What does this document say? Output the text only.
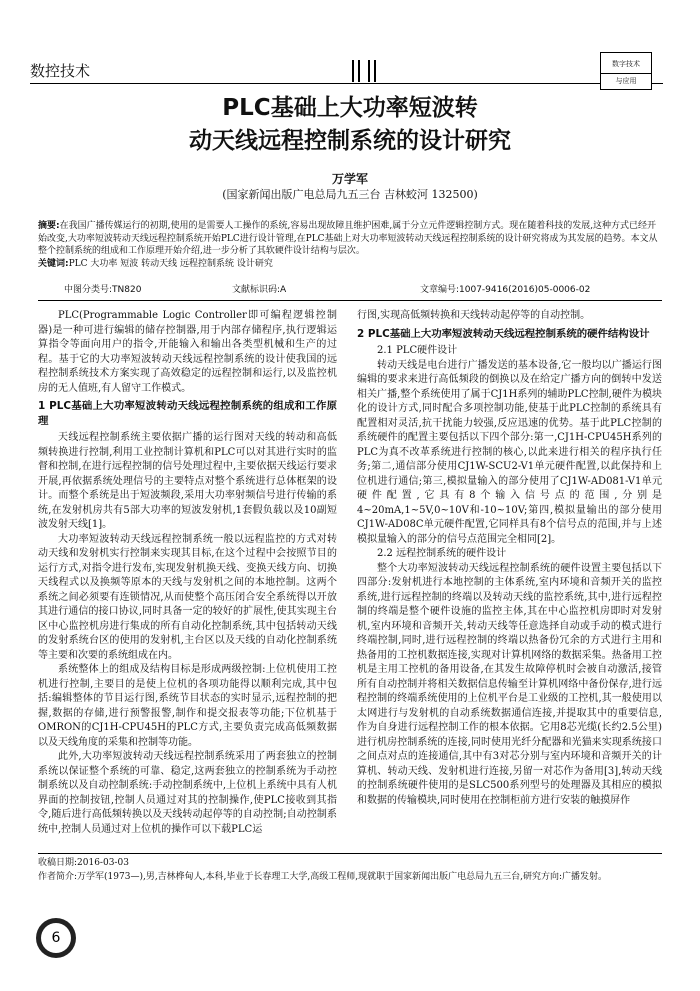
数控技术	数字技术
与应用
PLC基础上大功率短波转
动天线远程控制系统的设计研究
万学军
(国家新闻出版广电总局九五三台 吉林蛟河 132500)
摘要:在我国广播传媒运行的初期,使用的是需要人工操作的系统,容易出现故障且维护困难,属于分立元件逻辑控制方式。现在随着科技的发展,这种方式已经开始改变,大功率短波转动天线远程控制系统开始PLC进行设计管理,在PLC基础上对大功率短波转动天线远程控制系统的设计研究将成为其发展的趋势。本文从整个控制系统的组成和工作原理开始介绍,进一步分析了其软硬件设计结构与层次。
关键词:PLC 大功率 短波 转动天线 远程控制系统 设计研究
中图分类号:TN820	文献标识码:A	文章编号:1007-9416(2016)05-0006-02

PLC(Programmable Logic Controller即可编程逻辑控制器)是一种可进行编辑的储存控制器,用于内部存储程序,执行逻辑运算指令等面向用户的指令,开能输入和输出各类型机械和生产的过程。基于它的大功率短波转动天线远程控制系统的设计使我国的远程控制系统技术方案实现了高效稳定的远程控制和运行,以及监控机房的无人值班,有人留守工作模式。

1 PLC基础上大功率短波转动天线远程控制系统的组成和工作原理

天线远程控制系统主要依据广播的运行图对天线的转动和高低频转换进行控制,利用工业控制计算机和PLC可以对其进行实时的监督和控制,在进行远程控制的信号处理过程中,主要依据天线运行要求开展,再依据系统处理信号的主要特点对整个系统进行总体框架的设计。而整个系统是出于短波频段,采用大功率射频信号进行传输的系统,在发射机房共有5部大功率的短波发射机,1套假负载以及10副短波发射天线[1]。

大功率短波转动天线远程控制系统一般以远程监控的方式对转动天线和发射机实行控制来实现其目标,在这个过程中会按照节目的运行方式,对指令进行发布,实现发射机换天线、变换天线方向、切换天线程式以及换频等原本的天线与发射机之间的本地控制。这两个系统之间必须要有连锁情况,从而使整个高压闭合安全系统得以开放其进行通信的接口协议,同时具备一定的较好的扩展性,使其实现主台区中心监控机房进行集成的所有自动化控制系统,其中包括转动天线的发射系统台区的使用的发射机,主台区以及天线的自动化控制系统等主要和次要的系统组成在内。

系统整体上的组成及结构目标是形成两级控制:上位机使用工控机进行控制,主要目的是使上位机的各项功能得以顺利完成,其中包括:编辑整体的节目运行图,系统节目状态的实时显示,远程控制的把握,数据的存储,进行预警报警,制作和提交报表等功能;下位机基于OMRON的CJ1H-CPU45H的PLC方式,主要负责完成高低频数据以及天线角度的采集和控制等功能。

此外,大功率短波转动天线远程控制系统采用了两套独立的控制系统以保证整个系统的可靠、稳定,这两套独立的控制系统为手动控制系统以及自动控制系统:手动控制系统中,上位机上系统中具有人机界面的控制按钮,控制人员通过对其的控制操作,使PLC接收到其指令,随后进行高低频转换以及天线转动起停等的自动控制;自动控制系统中,控制人员通过对上位机的操作可以下载PLC运

行图,实现高低频转换和天线转动起停等的自动控制。

2 PLC基础上大功率短波转动天线远程控制系统的硬件结构设计

2.1 PLC硬件设计

转动天线是电台进行广播发送的基本设备,它一般均以广播运行图编辑的要求来进行高低频段的倒换以及在给定广播方向的倒转中发送相关广播,整个系统使用了属于CJ1H系列的辅助PLC控制,硬件为模块化的设计方式,同时配合多项控制功能,使基于此PLC控制的系统具有配置相对灵活,抗干扰能力较强,反应迅速的优势。基于此PLC控制的系统硬件的配置主要包括以下四个部分:第一,CJ1H-CPU45H系列的PLC为真不改革系统进行控制的核心,以此来进行相关的程序执行任务;第二,通信部分使用CJ1W-SCU2-V1单元硬件配置,以此保持和上位机进行通信;第三,模拟量输入的部分使用了CJ1W-AD081-V1单元硬件配置,它具有8个输入信号点的范围,分别是4~20mA,1~5V,0~10V和-10~10V;第四,模拟量输出的部分使用CJ1W-AD08C单元硬件配置,它同样具有8个信号点的范围,并与上述模拟量输入的部分的信号点范围完全相同[2]。

2.2 远程控制系统的硬件设计

整个大功率短波转动天线远程控制系统的硬件设置主要包括以下四部分:发射机进行本地控制的主体系统,室内环境和音频开关的监控系统,进行远程控制的终端以及转动天线的监控系统,其中,进行远程控制的终端是整个硬件设施的监控主体,其在中心监控机房即时对发射机,室内环境和音频开关,转动天线等任意选择自动或手动的模式进行终端控制,同时,进行远程控制的终端以热备份冗余的方式进行主用和热备用的工控机数据连接,实现对计算机网络的数据采集。热备用工控机是主用工控机的备用设备,在其发生故障停机时会被自动激活,接管所有自动控制并将相关数据信息传输至计算机网络中备份保存,进行远程控制的终端系统使用的上位机平台是工业级的工控机,其一般使用以太网进行与发射机的自动系统数据通信连接,并提取其中的重要信息,作为自身进行远程控制工作的根本依据。它用8芯光缆(长约2.5公里)进行机房控制系统的连接,同时使用光纤分配器和光猫来实现系统接口之间点对点的连接通信,其中有3对芯分别与室内环境和音频开关的计算机、转动天线、发射机进行连接,另留一对芯作为备用[3],转动天线的控制系统硬件使用的是SLC500系列型号的处理器及其相应的模拟和数据的传输模块,同时使用在控制柜前方进行安装的触摸屏作

收稿日期:2016-03-03
作者简介:万学军(1973—),男,吉林桦甸人,本科,毕业于长春理工大学,高级工程师,现就职于国家新闻出版广电总局九五三台,研究方向:广播发射。
6
